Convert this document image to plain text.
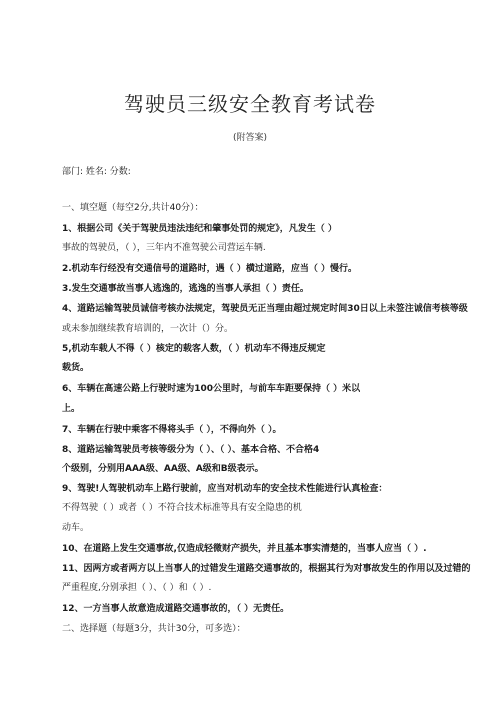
驾驶员三级安全教育考试卷
(附答案)
部门: 姓名: 分数:
一、填空题（每空2分,共计40分）：
1、根据公司《关于驾驶员违法违纪和肇事处罚的规定》，凡发生（ ）
事故的驾驶员，（ ），三年内不准驾驶公司营运车辆.
2.机动车行经没有交通信号的道路时，遇（ ）横过道路，应当（ ）慢行。
3.发生交通事故当事人逃逸的，逃逸的当事人承担（ ）责任。
4、道路运输驾驶员诚信考核办法规定，驾驶员无正当理由超过规定时间30日以上未签注诚信考核等级
或未参加继续教育培训的，一次计（）分。
5,机动车载人不得（ ）核定的载客人数，（ ）机动车不得违反规定
载货。
6、车辆在高速公路上行驶时速为100公里时，与前车车距要保持（ ）米以
上。
7、车辆在行驶中乘客不得将头手（ ），不得向外（ ）。
8、道路运输驾驶员考核等级分为（ ）、（ ）、基本合格、不合格4
个级别，分别用AAA级、AA级、A级和B级表示。
9、驾驶!人驾驶机动车上路行驶前，应当对机动车的安全技术性能进行认真检查：
不得驾驶（ ）或者（ ）不符合技术标准等具有安全隐患的机
动车。
10、在道路上发生交通事故,仅造成轻微财产损失，并且基本事实清楚的，当事人应当（ ）.
11、因两方或者两方以上当事人的过错发生道路交通事故的，根据其行为对事故发生的作用以及过错的
严重程度,分别承担（ ）、（ ）和（ ）.
12、一方当事人故意造成道路交通事故的，（ ）无责任。
二、选择题（每题3分，共计30分，可多选）：
